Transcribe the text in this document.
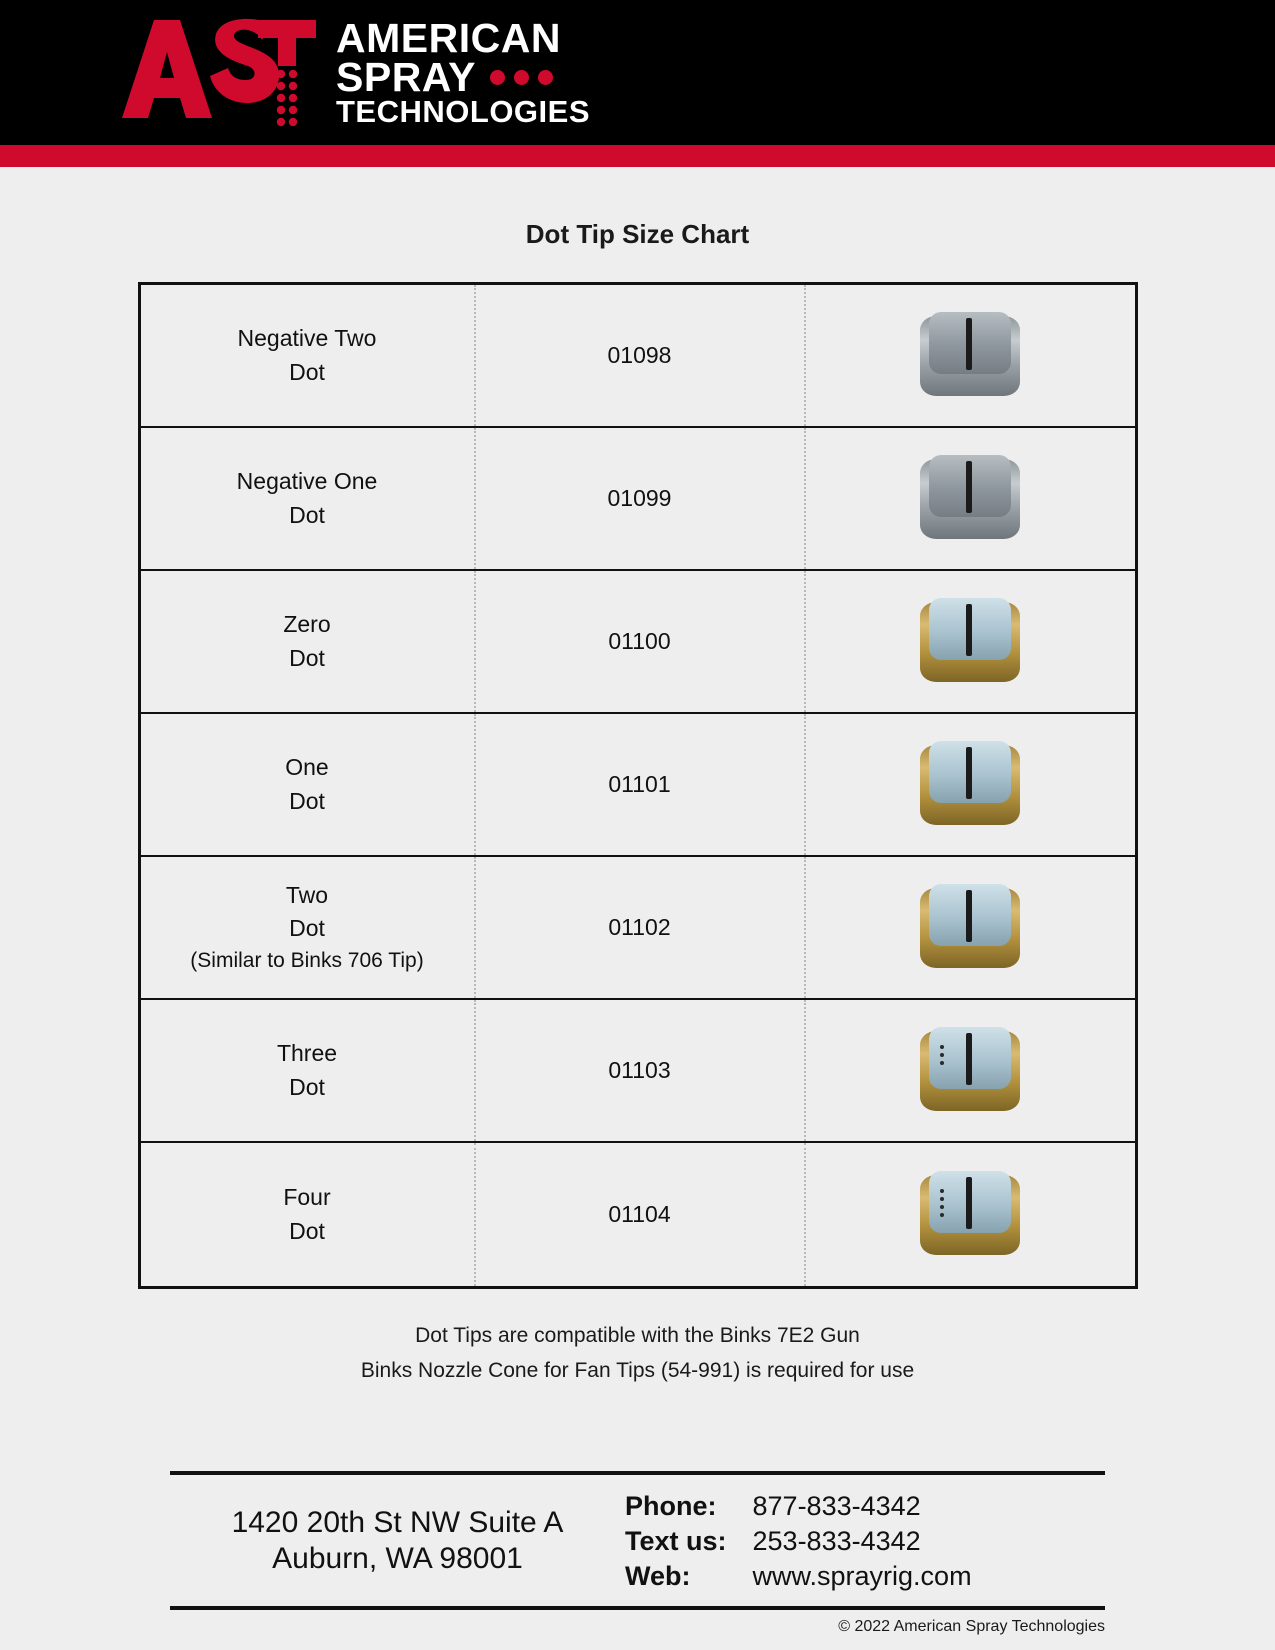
AMERICAN
SPRAY
TECHNOLOGIES
Dot Tip Size Chart
Negative Two
Dot
01098
Negative One
Dot
01099
Zero
Dot
01100
One
Dot
01101
Two
Dot
(Similar to Binks 706 Tip)
01102
Three
Dot
01103
Four
Dot
01104
Dot Tips are compatible with the Binks 7E2 Gun
Binks Nozzle Cone for Fan Tips (54-991) is required for use
1420 20th St NW Suite A
Auburn, WA 98001
Phone:
Text us:
Web:
877-833-4342
253-833-4342
www.sprayrig.com
© 2022 American Spray Technologies
